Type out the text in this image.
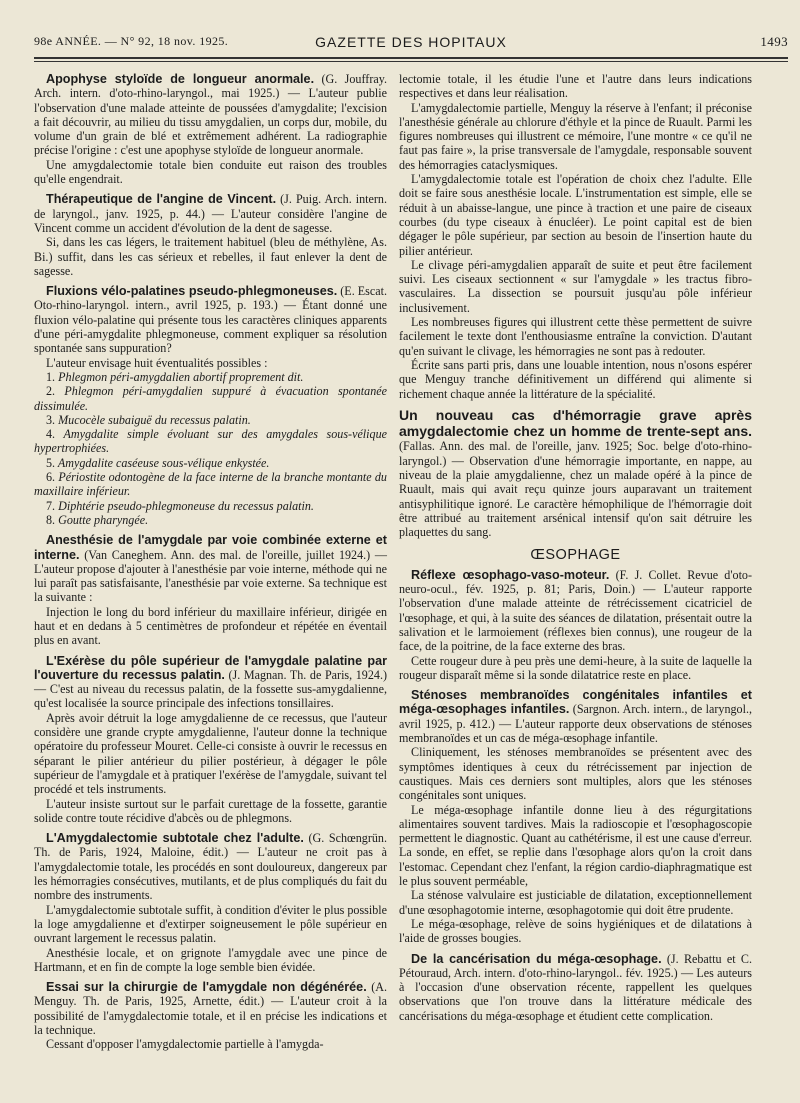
98e ANNÉE. — N° 92, 18 nov. 1925.	GAZETTE DES HOPITAUX	1493

Apophyse styloïde de longueur anormale. (G. Jouffray. Arch. intern. d'oto-rhino-laryngol., mai 1925.) — L'auteur publie l'observation d'une malade atteinte de poussées d'amygdalite; l'excision a fait découvrir, au milieu du tissu amygdalien, un corps dur, mobile, du volume d'un grain de blé et extrêmement adhérent. La radiographie précise l'origine : c'est une apophyse styloïde de longueur anormale.

Une amygdalectomie totale bien conduite eut raison des troubles qu'elle engendrait.

Thérapeutique de l'angine de Vincent. (J. Puig. Arch. intern. de laryngol., janv. 1925, p. 44.) — L'auteur considère l'angine de Vincent comme un accident d'évolution de la dent de sagesse.

Si, dans les cas légers, le traitement habituel (bleu de méthylène, As. Bi.) suffit, dans les cas sérieux et rebelles, il faut enlever la dent de sagesse.

Fluxions vélo-palatines pseudo-phlegmoneuses. (E. Escat. Oto-rhino-laryngol. intern., avril 1925, p. 193.) — Étant donné une fluxion vélo-palatine qui présente tous les caractères cliniques apparents d'une péri-amygdalite phlegmoneuse, comment expliquer sa résolution spontanée sans suppuration?

L'auteur envisage huit éventualités possibles :

1. Phlegmon péri-amygdalien abortif proprement dit.

2. Phlegmon péri-amygdalien suppuré à évacuation spontanée dissimulée.

3. Mucocèle subaiguë du recessus palatin.

4. Amygdalite simple évoluant sur des amygdales sous-vélique hypertrophiées.

5. Amygdalite caséeuse sous-vélique enkystée.

6. Périostite odontogène de la face interne de la branche montante du maxillaire inférieur.

7. Diphtérie pseudo-phlegmoneuse du recessus palatin.

8. Goutte pharyngée.

Anesthésie de l'amygdale par voie combinée externe et interne. (Van Caneghem. Ann. des mal. de l'oreille, juillet 1924.) — L'auteur propose d'ajouter à l'anesthésie par voie interne, méthode qui ne lui paraît pas satisfaisante, l'anesthésie par voie externe. Sa technique est la suivante :

Injection le long du bord inférieur du maxillaire inférieur, dirigée en haut et en dedans à 5 centimètres de profondeur et répétée en éventail plus en avant.

L'Exérèse du pôle supérieur de l'amygdale palatine par l'ouverture du recessus palatin. (J. Magnan. Th. de Paris, 1924.) — C'est au niveau du recessus palatin, de la fossette sus-amygdalienne, qu'est localisée la source principale des infections tonsillaires.

Après avoir détruit la loge amygdalienne de ce recessus, que l'auteur considère une grande crypte amygdalienne, l'auteur donne la technique opératoire du professeur Mouret. Celle-ci consiste à ouvrir le recessus en séparant le pilier antérieur du pilier postérieur, à dégager le pôle supérieur de l'amygdale et à pratiquer l'exérèse de l'amygdale, suivant tel procédé et tels instruments.

L'auteur insiste surtout sur le parfait curettage de la fossette, garantie solide contre toute récidive d'abcès ou de phlegmons.

L'Amygdalectomie subtotale chez l'adulte. (G. Schœngrün. Th. de Paris, 1924, Maloine, édit.) — L'auteur ne croit pas à l'amygdalectomie totale, les procédés en sont douloureux, dangereux par les hémorragies consécutives, mutilants, et de plus compliqués du fait du nombre des instruments.

L'amygdalectomie subtotale suffit, à condition d'éviter le plus possible la loge amygdalienne et d'extirper soigneusement le pôle supérieur en ouvrant largement le recessus palatin.

Anesthésie locale, et on grignote l'amygdale avec une pince de Hartmann, et en fin de compte la loge semble bien évidée.

Essai sur la chirurgie de l'amygdale non dégénérée. (A. Menguy. Th. de Paris, 1925, Arnette, édit.) — L'auteur croit à la possibilité de l'amygdalectomie totale, et il en précise les indications et la technique.

Cessant d'opposer l'amygdalectomie partielle à l'amygda-

lectomie totale, il les étudie l'une et l'autre dans leurs indications respectives et dans leur réalisation.

L'amygdalectomie partielle, Menguy la réserve à l'enfant; il préconise l'anesthésie générale au chlorure d'éthyle et la pince de Ruault. Parmi les figures nombreuses qui illustrent ce mémoire, l'une montre « ce qu'il ne faut pas faire », la prise transversale de l'amygdale, responsable souvent des hémorragies cataclysmiques.

L'amygdalectomie totale est l'opération de choix chez l'adulte. Elle doit se faire sous anesthésie locale. L'instrumentation est simple, elle se réduit à un abaisse-langue, une pince à traction et une paire de ciseaux courbes (du type ciseaux à énucléer). Le point capital est de bien dégager le pôle supérieur, par section au besoin de l'insertion haute du pilier antérieur.

Le clivage péri-amygdalien apparaît de suite et peut être facilement suivi. Les ciseaux sectionnent « sur l'amygdale » les tractus fibro-vasculaires. La dissection se poursuit jusqu'au pôle inférieur inclusivement.

Les nombreuses figures qui illustrent cette thèse permettent de suivre facilement le texte dont l'enthousiasme entraîne la conviction. D'autant qu'en suivant le clivage, les hémorragies ne sont pas à redouter.

Écrite sans parti pris, dans une louable intention, nous n'osons espérer que Menguy tranche définitivement un différend qui alimente si richement chaque année la littérature de la spécialité.

Un nouveau cas d'hémorragie grave après amygdalectomie chez un homme de trente-sept ans. (Fallas. Ann. des mal. de l'oreille, janv. 1925; Soc. belge d'oto-rhino-laryngol.) — Observation d'une hémorragie importante, en nappe, au niveau de la plaie amygdalienne, chez un malade opéré à la pince de Ruault, mais qui avait reçu quinze jours auparavant un traitement antisyphilitique ignoré. Le caractère hémophilique de l'hémorragie doit être attribué au traitement arsénical intensif qu'on sait détruire les plaquettes du sang.

ŒSOPHAGE

Réflexe œsophago-vaso-moteur. (F. J. Collet. Revue d'oto-neuro-ocul., fév. 1925, p. 81; Paris, Doin.) — L'auteur rapporte l'observation d'une malade atteinte de rétrécissement cicatriciel de l'œsophage, et qui, à la suite des séances de dilatation, présentait outre la salivation et le larmoiement (réflexes bien connus), une rougeur de la face, de la poitrine, de la face externe des bras.

Cette rougeur dure à peu près une demi-heure, à la suite de laquelle la rougeur disparaît même si la sonde dilatatrice reste en place.

Sténoses membranoïdes congénitales infantiles et méga-œsophages infantiles. (Sargnon. Arch. intern., de laryngol., avril 1925, p. 412.) — L'auteur rapporte deux observations de sténoses membranoïdes et un cas de méga-œsophage infantile.

Cliniquement, les sténoses membranoïdes se présentent avec des symptômes identiques à ceux du rétrécissement par injection de caustiques. Mais ces derniers sont multiples, alors que les sténoses congénitales sont uniques.

Le méga-œsophage infantile donne lieu à des régurgitations alimentaires souvent tardives. Mais la radioscopie et l'œsophagoscopie permettent le diagnostic. Quant au cathétérisme, il est une cause d'erreur. La sonde, en effet, se replie dans l'œsophage alors qu'on la croit dans l'estomac. Cependant chez l'enfant, la région cardio-diaphragmatique est le plus souvent perméable,

La sténose valvulaire est justiciable de dilatation, exceptionnellement d'une œsophagotomie interne, œsophagotomie qui doit être prudente.

Le méga-œsophage, relève de soins hygiéniques et de dilatations à l'aide de grosses bougies.

De la cancérisation du méga-œsophage. (J. Rebattu et C. Pétouraud, Arch. intern. d'oto-rhino-laryngol.. fév. 1925.) — Les auteurs à l'occasion d'une observation récente, rappellent les quelques observations que l'on trouve dans la littérature médicale des cancérisations du méga-œsophage et étudient cette complication.
